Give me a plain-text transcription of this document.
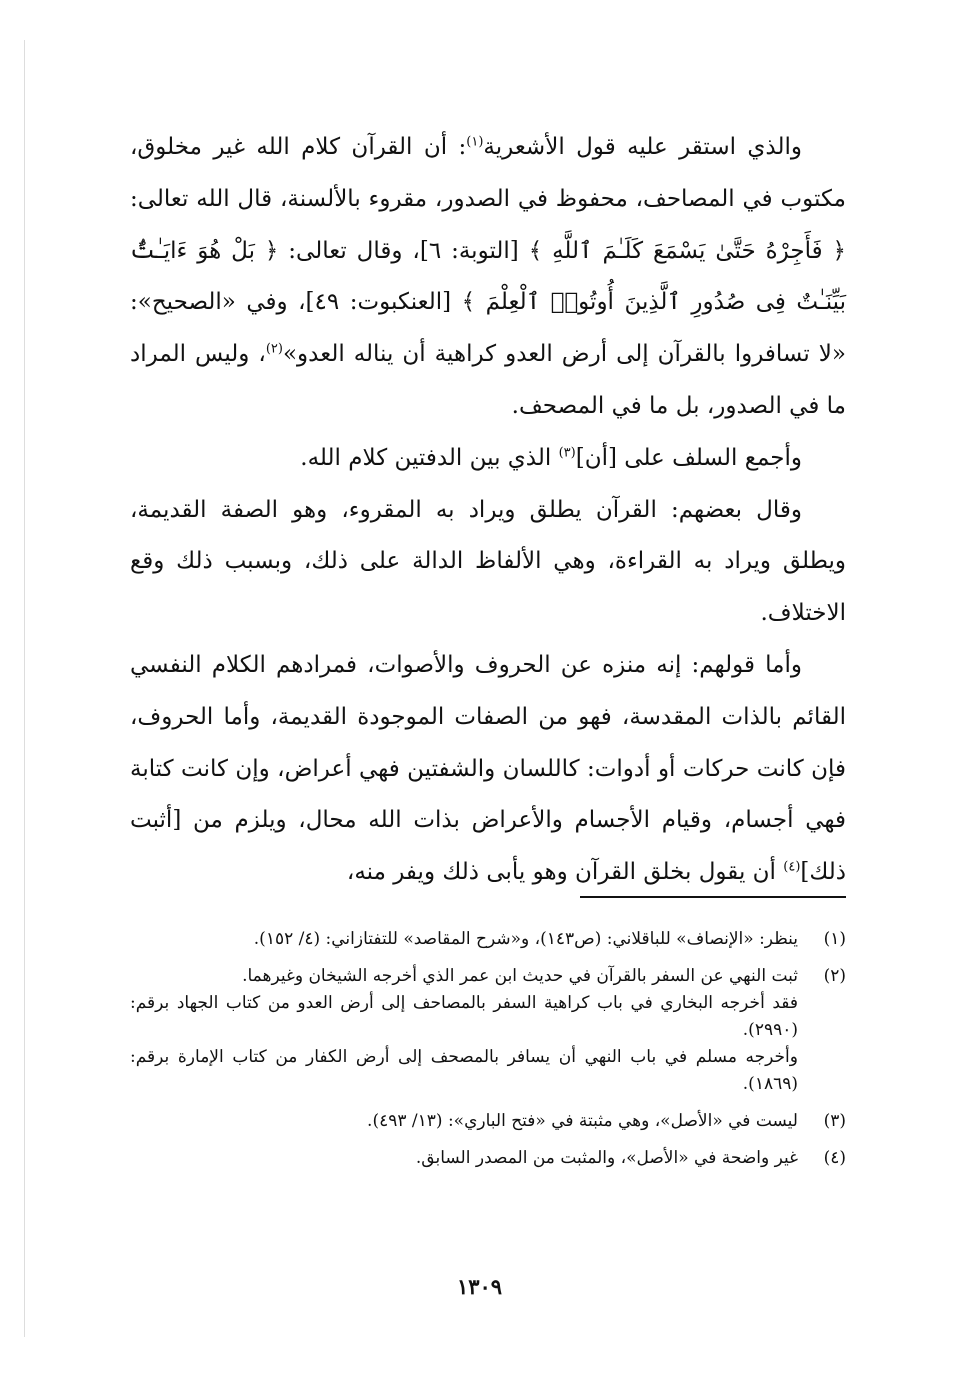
والذي استقر عليه قول الأشعرية$^{(١)}$: أن القرآن كلام الله غير مخلوق، مكتوب في المصاحف، محفوظ في الصدور، مقروء بالألسنة، قال الله تعالى: ﴿ فَأَجِرْهُ حَتَّىٰ يَسْمَعَ كَلَـٰمَ ٱللَّهِ ﴾ [التوبة: ٦]، وقال تعالى: ﴿ بَلْ هُوَ ءَايَـٰتٌۢ بَيِّنَـٰتٌ فِى صُدُورِ ٱلَّذِينَ أُوتُوا۟ ٱلْعِلْمَ ﴾ [العنكبوت: ٤٩]، وفي «الصحيح»: «لا تسافروا بالقرآن إلى أرض العدو كراهية أن يناله العدو»$^{(٢)}$، وليس المراد ما في الصدور، بل ما في المصحف.

وأجمع السلف على [أن]$^{(٣)}$ الذي بين الدفتين كلام الله.

وقال بعضهم: القرآن يطلق ويراد به المقروء، وهو الصفة القديمة، ويطلق ويراد به القراءة، وهي الألفاظ الدالة على ذلك، وبسبب ذلك وقع الاختلاف.

وأما قولهم: إنه منزه عن الحروف والأصوات، فمرادهم الكلام النفسي القائم بالذات المقدسة، فهو من الصفات الموجودة القديمة، وأما الحروف، فإن كانت حركات أو أدوات: كاللسان والشفتين فهي أعراض، وإن كانت كتابة فهي أجسام، وقيام الأجسام والأعراض بذات الله محال، ويلزم من [أثبت ذلك]$^{(٤)}$ أن يقول بخلق القرآن وهو يأبى ذلك ويفر منه،

(١)
ينظر: «الإنصاف» للباقلاني: (ص١٤٣)، و«شرح المقاصد» للتفتازاني: (٤/ ١٥٢).
(٢)
ثبت النهي عن السفر بالقرآن في حديث ابن عمر الذي أخرجه الشيخان وغيرهما.
فقد أخرجه البخاري في باب كراهية السفر بالمصاحف إلى أرض العدو من كتاب الجهاد برقم: (٢٩٩٠).
وأخرجه مسلم في باب النهي أن يسافر بالمصحف إلى أرض الكفار من كتاب الإمارة برقم: (١٨٦٩).
(٣)
ليست في «الأصل»، وهي مثبتة في «فتح الباري»: (١٣/ ٤٩٣).
(٤)
غير واضحة في «الأصل»، والمثبت من المصدر السابق.
١٣٠٩
